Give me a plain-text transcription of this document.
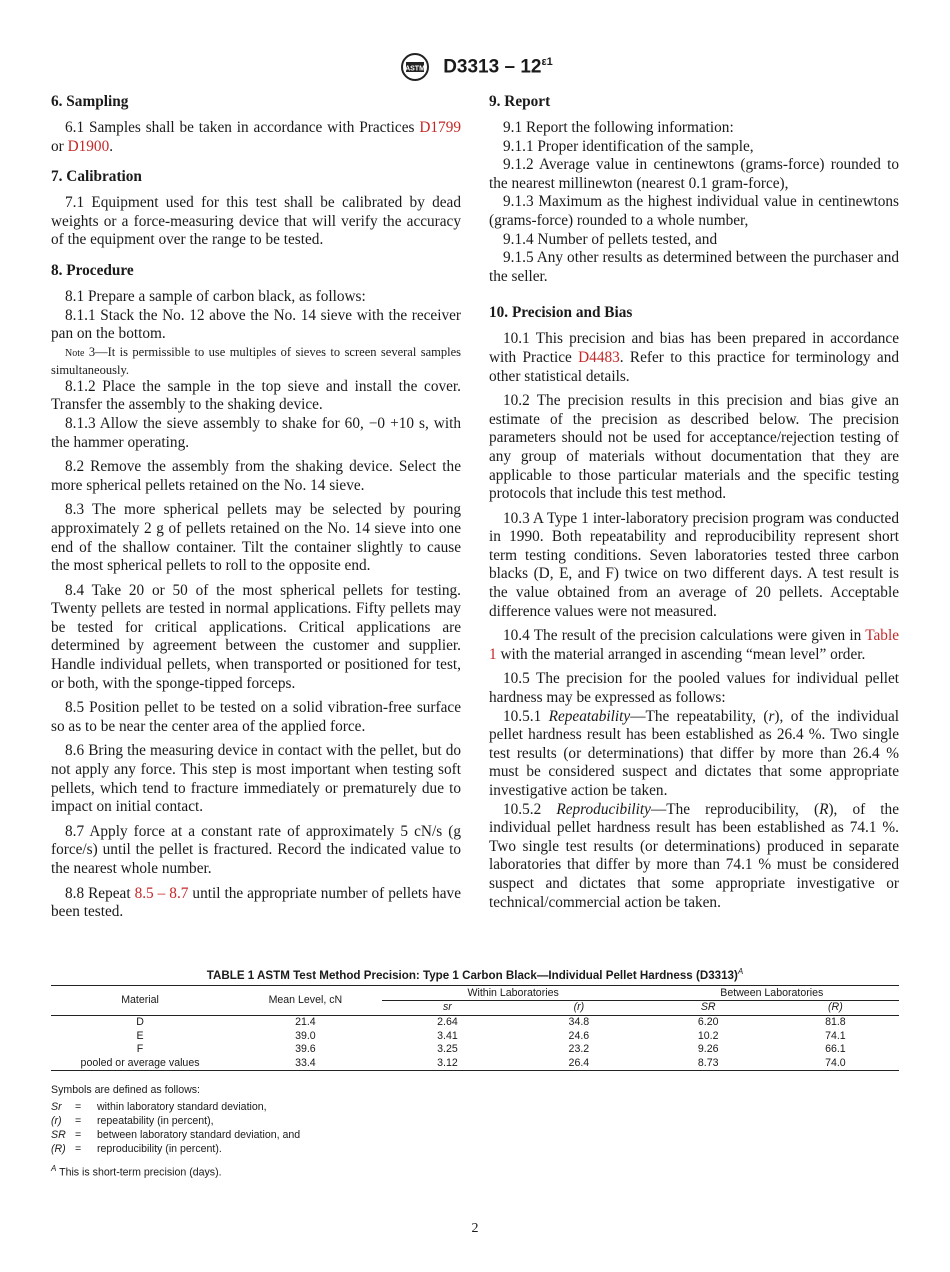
ASTM $D3313 - 12^{\varepsilon 1}$
6. Sampling

6.1 Samples shall be taken in accordance with Practices D1799 or D1900.

7. Calibration

7.1 Equipment used for this test shall be calibrated by dead weights or a force-measuring device that will verify the accuracy of the equipment over the range to be tested.

8. Procedure

8.1 Prepare a sample of carbon black, as follows:

8.1.1 Stack the No. 12 above the No. 14 sieve with the receiver pan on the bottom.

Note 3—It is permissible to use multiples of sieves to screen several samples simultaneously.

8.1.2 Place the sample in the top sieve and install the cover. Transfer the assembly to the shaking device.

8.1.3 Allow the sieve assembly to shake for 60, −0 +10 s, with the hammer operating.

8.2 Remove the assembly from the shaking device. Select the more spherical pellets retained on the No. 14 sieve.

8.3 The more spherical pellets may be selected by pouring approximately 2 g of pellets retained on the No. 14 sieve into one end of the shallow container. Tilt the container slightly to cause the most spherical pellets to roll to the opposite end.

8.4 Take 20 or 50 of the most spherical pellets for testing. Twenty pellets are tested in normal applications. Fifty pellets may be tested for critical applications. Critical applications are determined by agreement between the customer and supplier. Handle individual pellets, when transported or positioned for test, or both, with the sponge-tipped forceps.

8.5 Position pellet to be tested on a solid vibration-free surface so as to be near the center area of the applied force.

8.6 Bring the measuring device in contact with the pellet, but do not apply any force. This step is most important when testing soft pellets, which tend to fracture immediately or prematurely due to impact on initial contact.

8.7 Apply force at a constant rate of approximately 5 cN/s (g force/s) until the pellet is fractured. Record the indicated value to the nearest whole number.

8.8 Repeat 8.5 – 8.7 until the appropriate number of pellets have been tested.

9. Report

9.1 Report the following information:

9.1.1 Proper identification of the sample,

9.1.2 Average value in centinewtons (grams-force) rounded to the nearest millinewton (nearest 0.1 gram-force),

9.1.3 Maximum as the highest individual value in centinewtons (grams-force) rounded to a whole number,

9.1.4 Number of pellets tested, and

9.1.5 Any other results as determined between the purchaser and the seller.

10. Precision and Bias

10.1 This precision and bias has been prepared in accordance with Practice D4483. Refer to this practice for terminology and other statistical details.

10.2 The precision results in this precision and bias give an estimate of the precision as described below. The precision parameters should not be used for acceptance/rejection testing of any group of materials without documentation that they are applicable to those particular materials and the specific testing protocols that include this test method.

10.3 A Type 1 inter-laboratory precision program was conducted in 1990. Both repeatability and reproducibility represent short term testing conditions. Seven laboratories tested three carbon blacks (D, E, and F) twice on two different days. A test result is the value obtained from an average of 20 pellets. Acceptable difference values were not measured.

10.4 The result of the precision calculations were given in Table 1 with the material arranged in ascending “mean level” order.

10.5 The precision for the pooled values for individual pellet hardness may be expressed as follows:

10.5.1 Repeatability—The repeatability, (r), of the individual pellet hardness result has been established as 26.4 %. Two single test results (or determinations) that differ by more than 26.4 % must be considered suspect and dictates that some appropriate investigative action be taken.

10.5.2 Reproducibility—The reproducibility, (R), of the individual pellet hardness result has been established as 74.1 %. Two single test results (or determinations) produced in separate laboratories that differ by more than 74.1 % must be considered suspect and dictates that some appropriate investigative or technical/commercial action be taken.

TABLE 1 ASTM Test Method Precision: Type 1 Carbon Black—Individual Pellet Hardness $(D3313)^A$
Material	Mean Level, cN	Within Laboratories		Between Laboratories	
		sr	(r)	SR	(R)
D	21.4	2.64	34.8	6.20	81.8
E	39.0	3.41	24.6	10.2	74.1
F	39.6	3.25	23.2	9.26	66.1
pooled or average values	33.4	3.12	26.4	8.73	74.0
Symbols are defined as follows:
Sr	=	within laboratory standard deviation,
(r)	=	repeatability (in percent),
SR =	between laboratory standard deviation, and
(R) =	reproducibility (in percent).
$^A$ This is short-term precision (days).
2
